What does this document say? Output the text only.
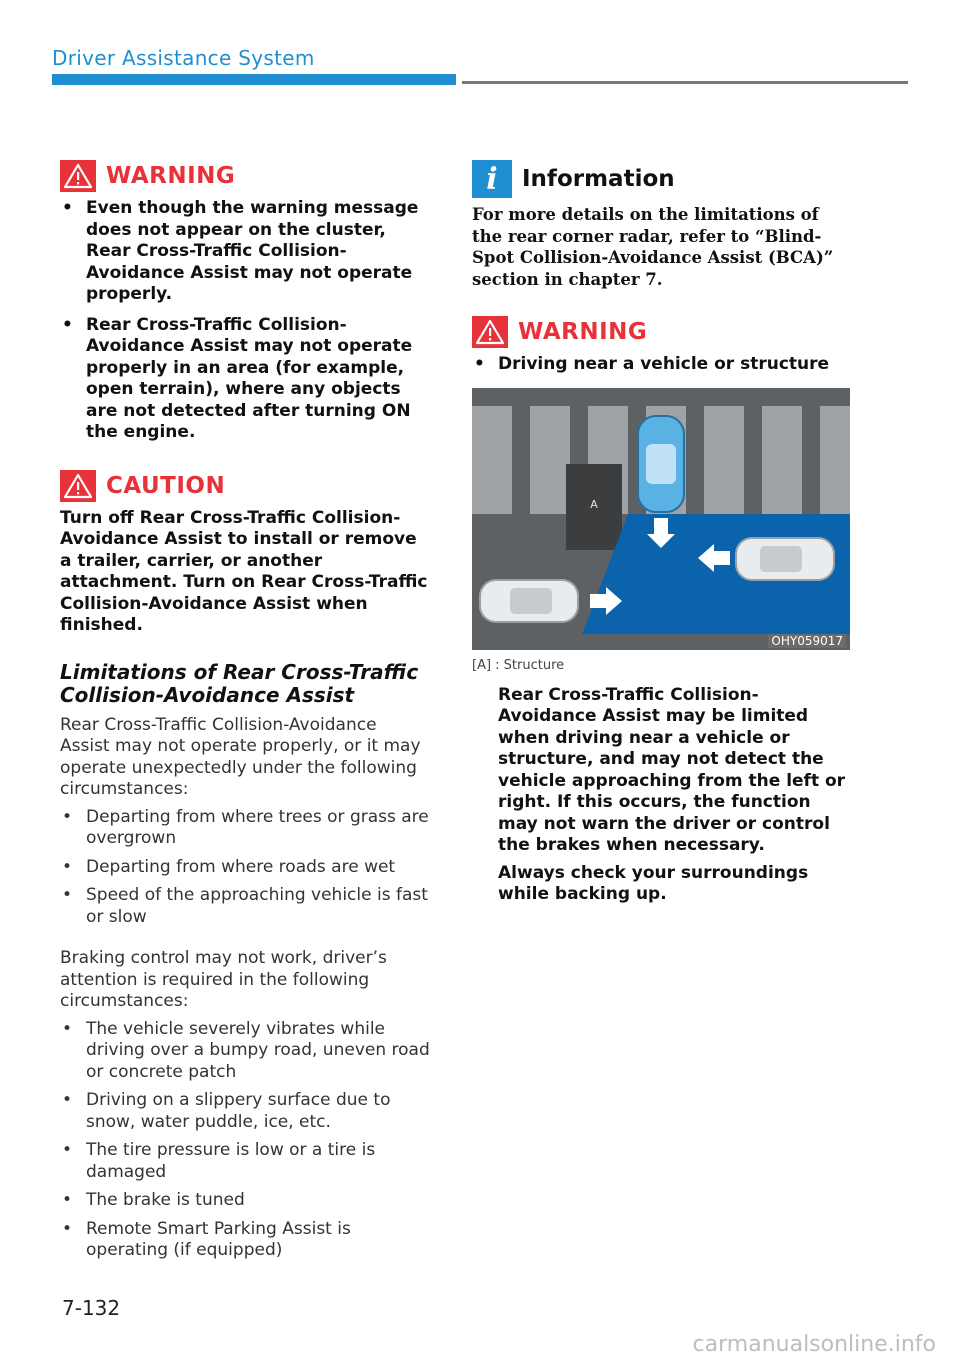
Driver Assistance System
WARNING
• Even though the warning message does not appear on the cluster, Rear Cross-Traffic Collision-Avoidance Assist may not operate properly.
• Rear Cross-Traffic Collision-Avoidance Assist may not operate properly in an area (for example, open terrain), where any objects are not detected after turning ON the engine.
CAUTION

Turn off Rear Cross-Traffic Collision-Avoidance Assist to install or remove a trailer, carrier, or another attachment. Turn on Rear Cross-Traffic Collision-Avoidance Assist when finished.

Limitations of Rear Cross-Traffic Collision-Avoidance Assist

Rear Cross-Traffic Collision-Avoidance Assist may not operate properly, or it may operate unexpectedly under the following circumstances:

• Departing from where trees or grass are overgrown
• Departing from where roads are wet
• Speed of the approaching vehicle is fast or slow

Braking control may not work, driver’s attention is required in the following circumstances:

• The vehicle severely vibrates while driving over a bumpy road, uneven road or concrete patch
• Driving on a slippery surface due to snow, water puddle, ice, etc.
• The tire pressure is low or a tire is damaged
• The brake is tuned
• Remote Smart Parking Assist is operating (if equipped)
i	Information

For more details on the limitations of the rear corner radar, refer to “Blind-Spot Collision-Avoidance Assist (BCA)” section in chapter 7.

WARNING
• Driving near a vehicle or structure
A
OHY059017
[A] : Structure

Rear Cross-Traffic Collision-Avoidance Assist may be limited when driving near a vehicle or structure, and may not detect the vehicle approaching from the left or right. If this occurs, the function may not warn the driver or control the brakes when necessary.

Always check your surroundings while backing up.

7-132
carmanualsonline.info
